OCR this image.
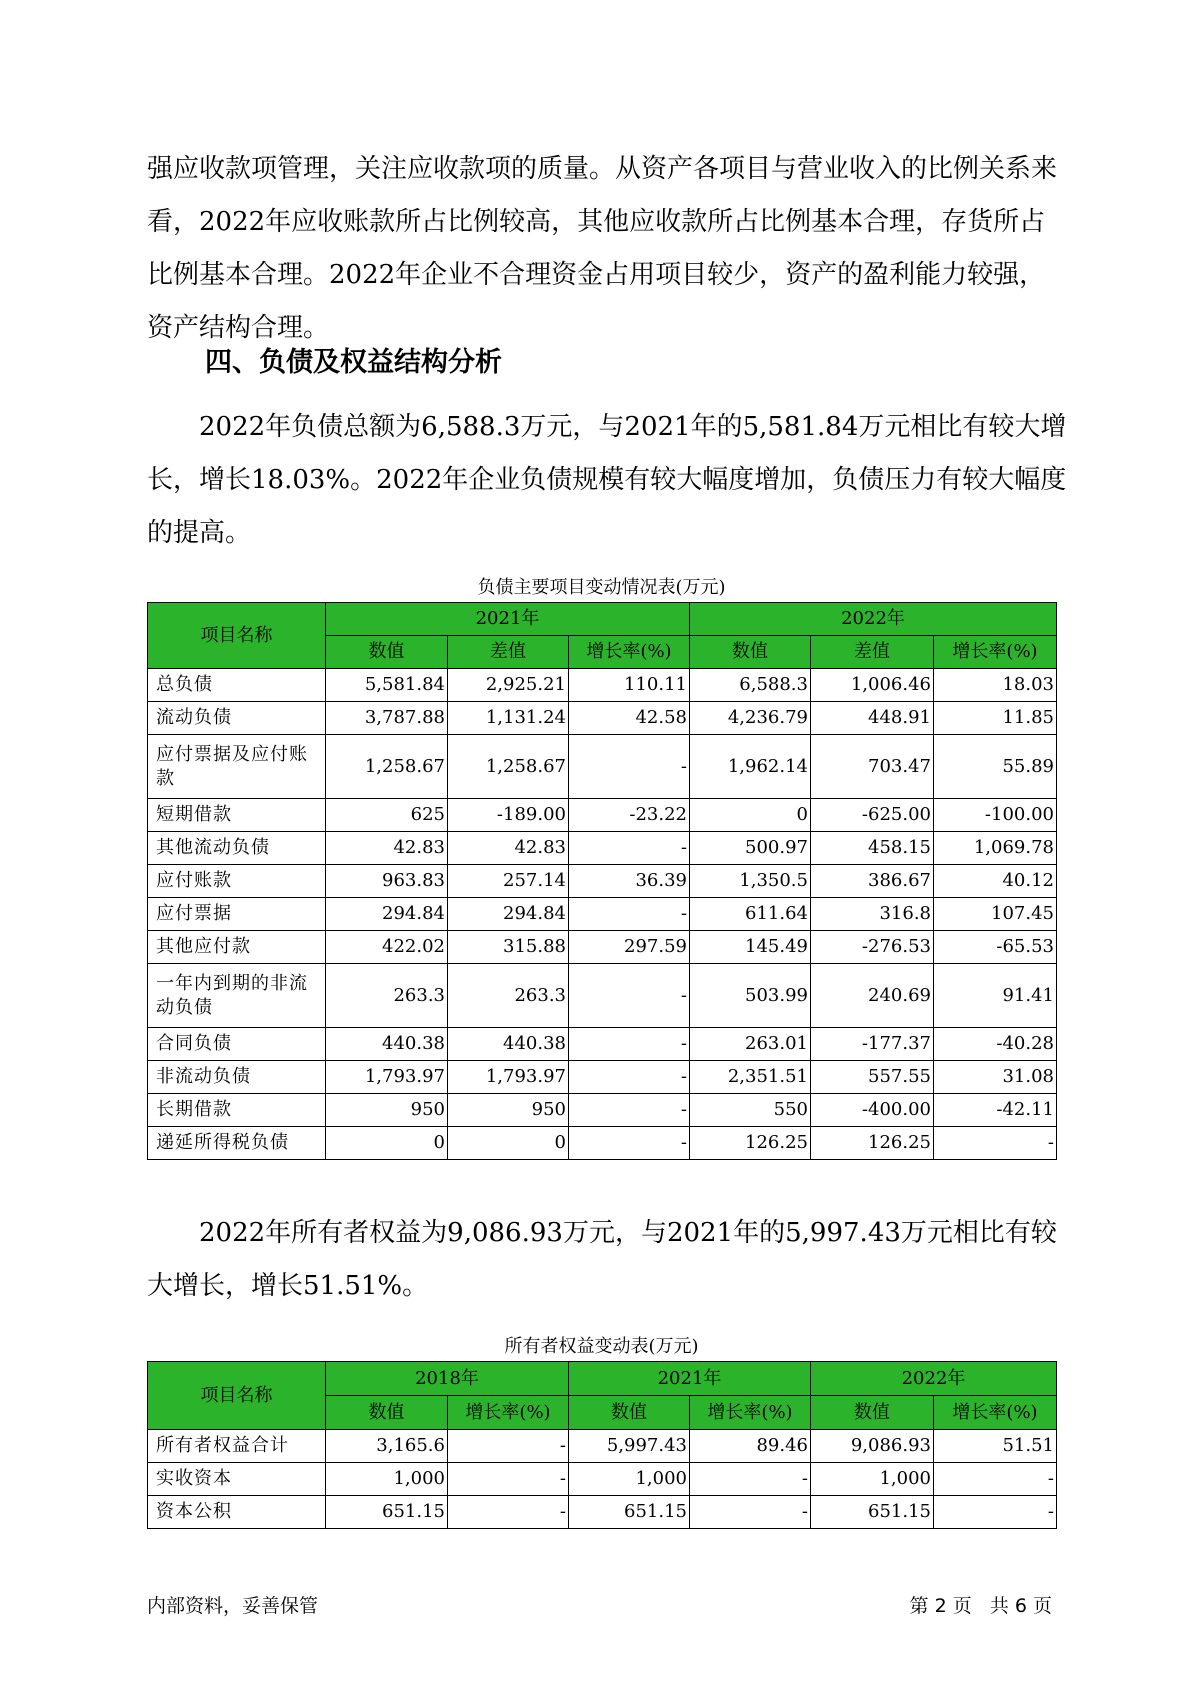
强应收款项管理，关注应收款项的质量。从资产各项目与营业收入的比例关系来看，2022年应收账款所占比例较高，其他应收款所占比例基本合理，存货所占比例基本合理。2022年企业不合理资金占用项目较少，资产的盈利能力较强，资产结构合理。

四、负债及权益结构分析

2022年负债总额为6,588.3万元，与2021年的5,581.84万元相比有较大增长，增长18.03%。2022年企业负债规模有较大幅度增加，负债压力有较大幅度的提高。

负债主要项目变动情况表(万元)

项目名称	2021年			2022年		
	数值	差值	增长率(%)	数值	差值	增长率(%)
总负债	5,581.84	2,925.21	110.11	6,588.3	1,006.46	18.03
流动负债	3,787.88	1,131.24	42.58	4,236.79	448.91	11.85
应付票据及应付账款	1,258.67	1,258.67	-	1,962.14	703.47	55.89
短期借款	625	-189.00	-23.22	0	-625.00	-100.00
其他流动负债	42.83	42.83	-	500.97	458.15	1,069.78
应付账款	963.83	257.14	36.39	1,350.5	386.67	40.12
应付票据	294.84	294.84	-	611.64	316.8	107.45
其他应付款	422.02	315.88	297.59	145.49	-276.53	-65.53
一年内到期的非流动负债	263.3	263.3	-	503.99	240.69	91.41
合同负债	440.38	440.38	-	263.01	-177.37	-40.28
非流动负债	1,793.97	1,793.97	-	2,351.51	557.55	31.08
长期借款	950	950	-	550	-400.00	-42.11
递延所得税负债	0	0	-	126.25	126.25	-

2022年所有者权益为9,086.93万元，与2021年的5,997.43万元相比有较大增长，增长51.51%。

所有者权益变动表(万元)

项目名称	2018年		2021年		2022年	
	数值	增长率(%)	数值	增长率(%)	数值	增长率(%)
所有者权益合计	3,165.6	-	5,997.43	89.46	9,086.93	51.51
实收资本	1,000	-	1,000	-	1,000	-
资本公积	651.15	-	651.15	-	651.15	-
内部资料，妥善保管	第 2 页   共 6 页
